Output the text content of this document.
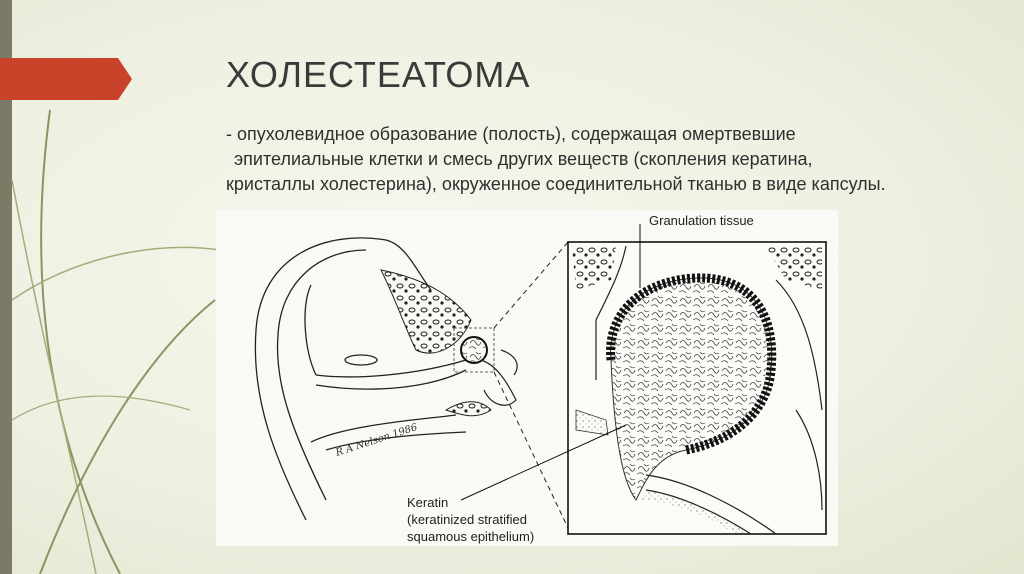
ХОЛЕСТЕАТОМА

- опухолевидное образование (полость), содержащая омертвевшие
эпителиальные клетки и смесь других веществ (скопления кератина,
кристаллы холестерина), окруженное соединительной тканью в виде капсулы.

Granulation tissue
Keratin
(keratinized stratified
squamous epithelium)
R A Nelson 1986
